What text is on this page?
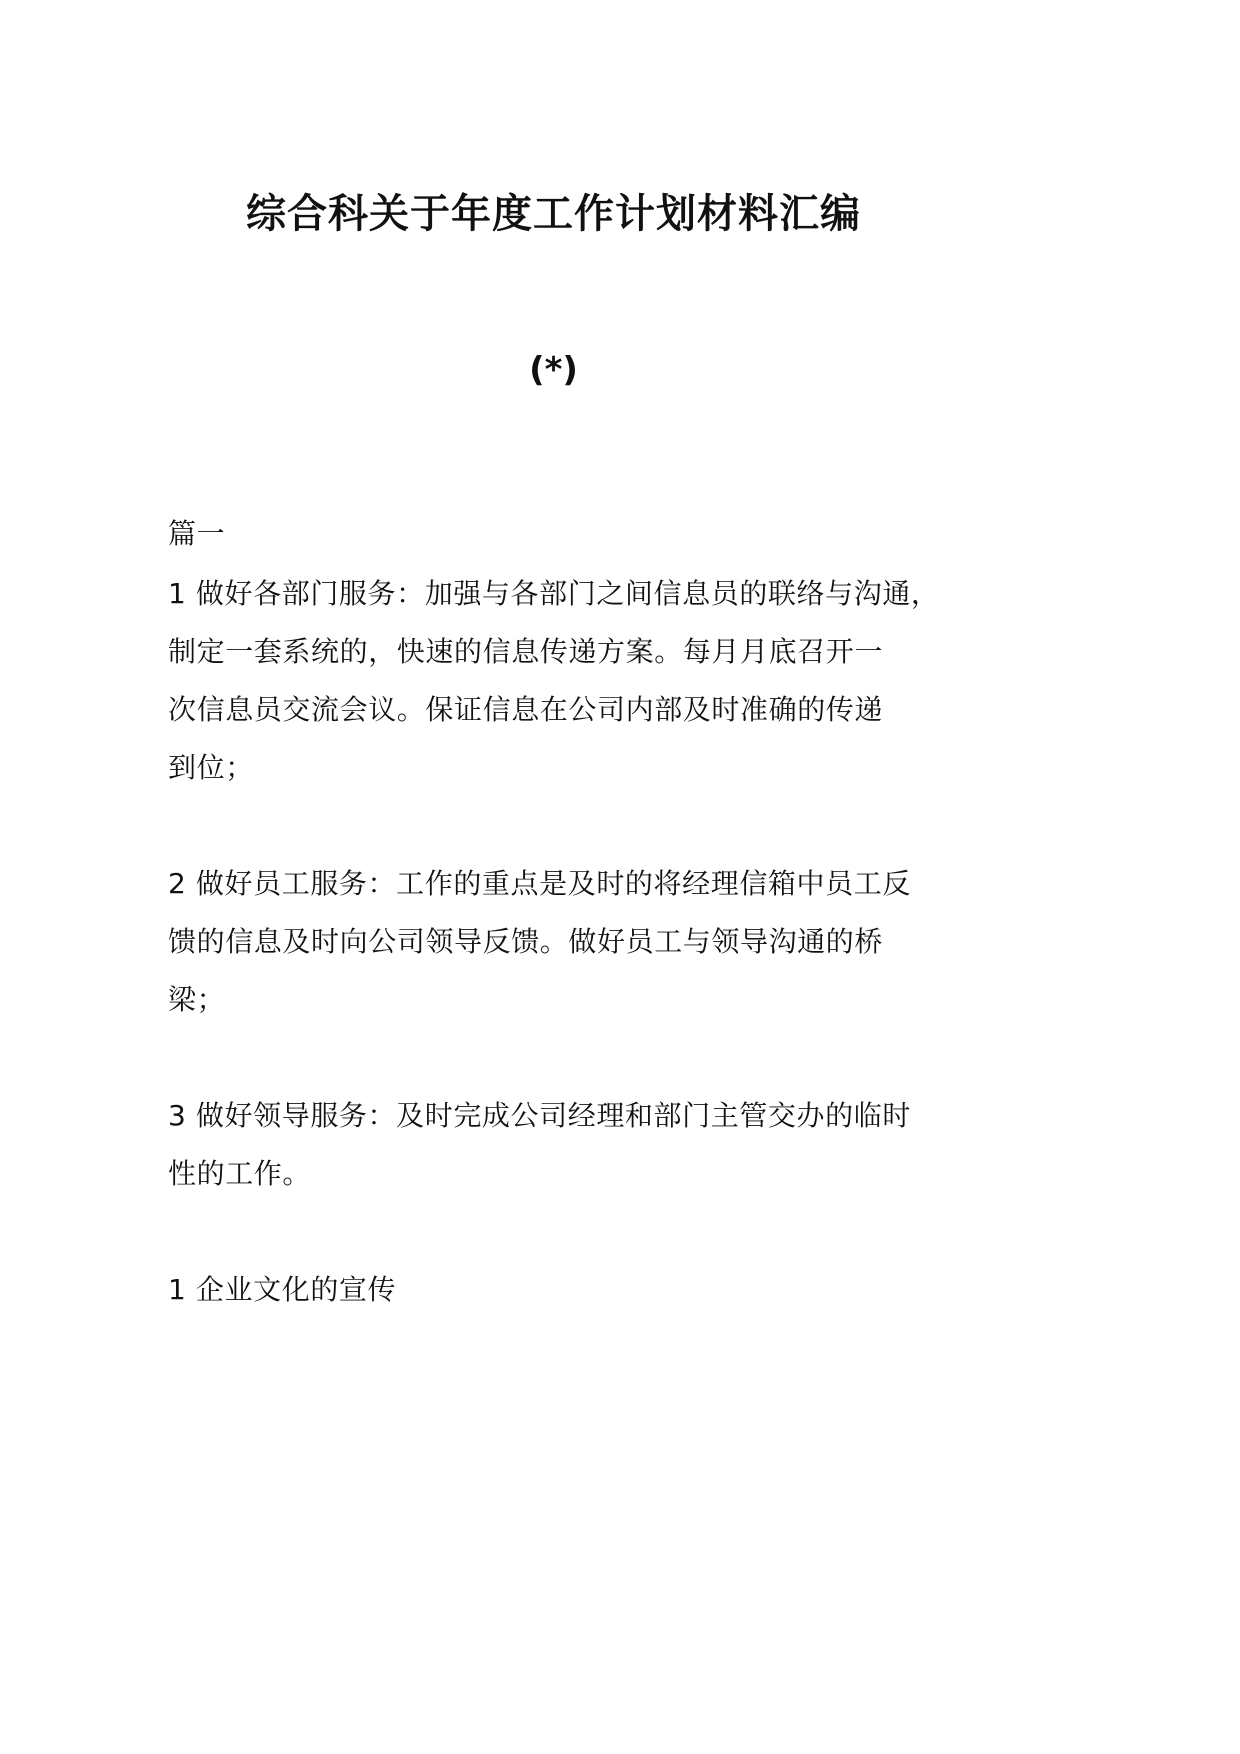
综合科关于年度工作计划材料汇编
(*)
篇一
1 做好各部门服务：加强与各部门之间信息员的联络与沟通，
制定一套系统的，快速的信息传递方案。每月月底召开一
次信息员交流会议。保证信息在公司内部及时准确的传递
到位；
2 做好员工服务：工作的重点是及时的将经理信箱中员工反
馈的信息及时向公司领导反馈。做好员工与领导沟通的桥
梁；
3 做好领导服务：及时完成公司经理和部门主管交办的临时
性的工作。
1 企业文化的宣传
